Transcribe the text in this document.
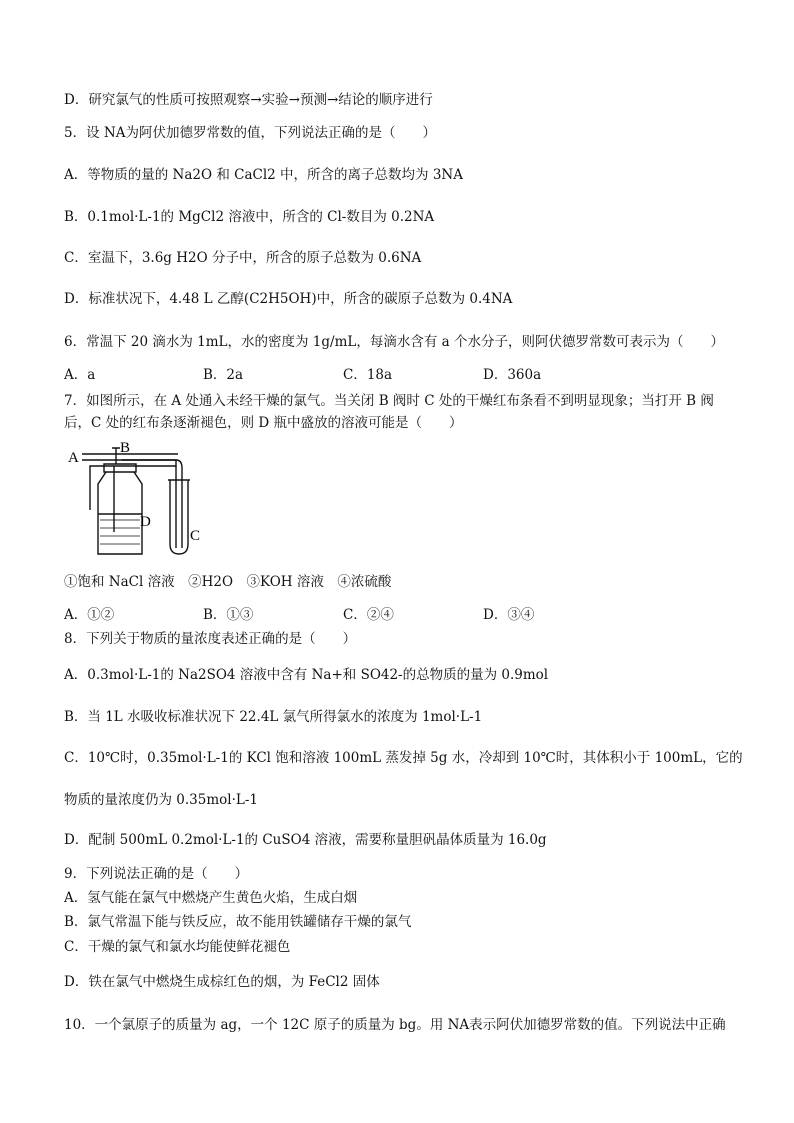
D．研究氯气的性质可按照观察→实验→预测→结论的顺序进行
5．设 NA为阿伏加德罗常数的值，下列说法正确的是（　　）
A．等物质的量的 Na2O 和 CaCl2 中，所含的离子总数均为 3NA
B．0.1mol·L-1的 MgCl2 溶液中，所含的 Cl-数目为 0.2NA
C．室温下，3.6g H2O 分子中，所含的原子总数为 0.6NA
D．标准状况下，4.48 L 乙醇(C2H5OH)中，所含的碳原子总数为 0.4NA
6．常温下 20 滴水为 1mL，水的密度为 1g/mL，每滴水含有 a 个水分子，则阿伏德罗常数可表示为（　　）
A．a	B．2a	C．18a	D．360a
7．如图所示，在 A 处通入未经干燥的氯气。当关闭 B 阀时 C 处的干燥红布条看不到明显现象；当打开 B 阀
后，C 处的红布条逐渐褪色，则 D 瓶中盛放的溶液可能是（　　）
A
B
D
C
①饱和 NaCl 溶液　②H2O　③KOH 溶液　④浓硫酸
A．①②	B．①③	C．②④	D．③④
8．下列关于物质的量浓度表述正确的是（　　）
A．0.3mol·L-1的 Na2SO4 溶液中含有 Na+和 SO42-的总物质的量为 0.9mol
B．当 1L 水吸收标准状况下 22.4L 氯气所得氯水的浓度为 1mol·L-1
C．10℃时，0.35mol·L-1的 KCl 饱和溶液 100mL 蒸发掉 5g 水，冷却到 10℃时，其体积小于 100mL，它的
物质的量浓度仍为 0.35mol·L-1
D．配制 500mL 0.2mol·L-1的 CuSO4 溶液，需要称量胆矾晶体质量为 16.0g
9．下列说法正确的是（　　）
A．氢气能在氯气中燃烧产生黄色火焰，生成白烟
B．氯气常温下能与铁反应，故不能用铁罐储存干燥的氯气
C．干燥的氯气和氯水均能使鲜花褪色
D．铁在氯气中燃烧生成棕红色的烟，为 FeCl2 固体
10．一个氯原子的质量为 ag，一个 12C 原子的质量为 bg。用 NA表示阿伏加德罗常数的值。下列说法中正确
